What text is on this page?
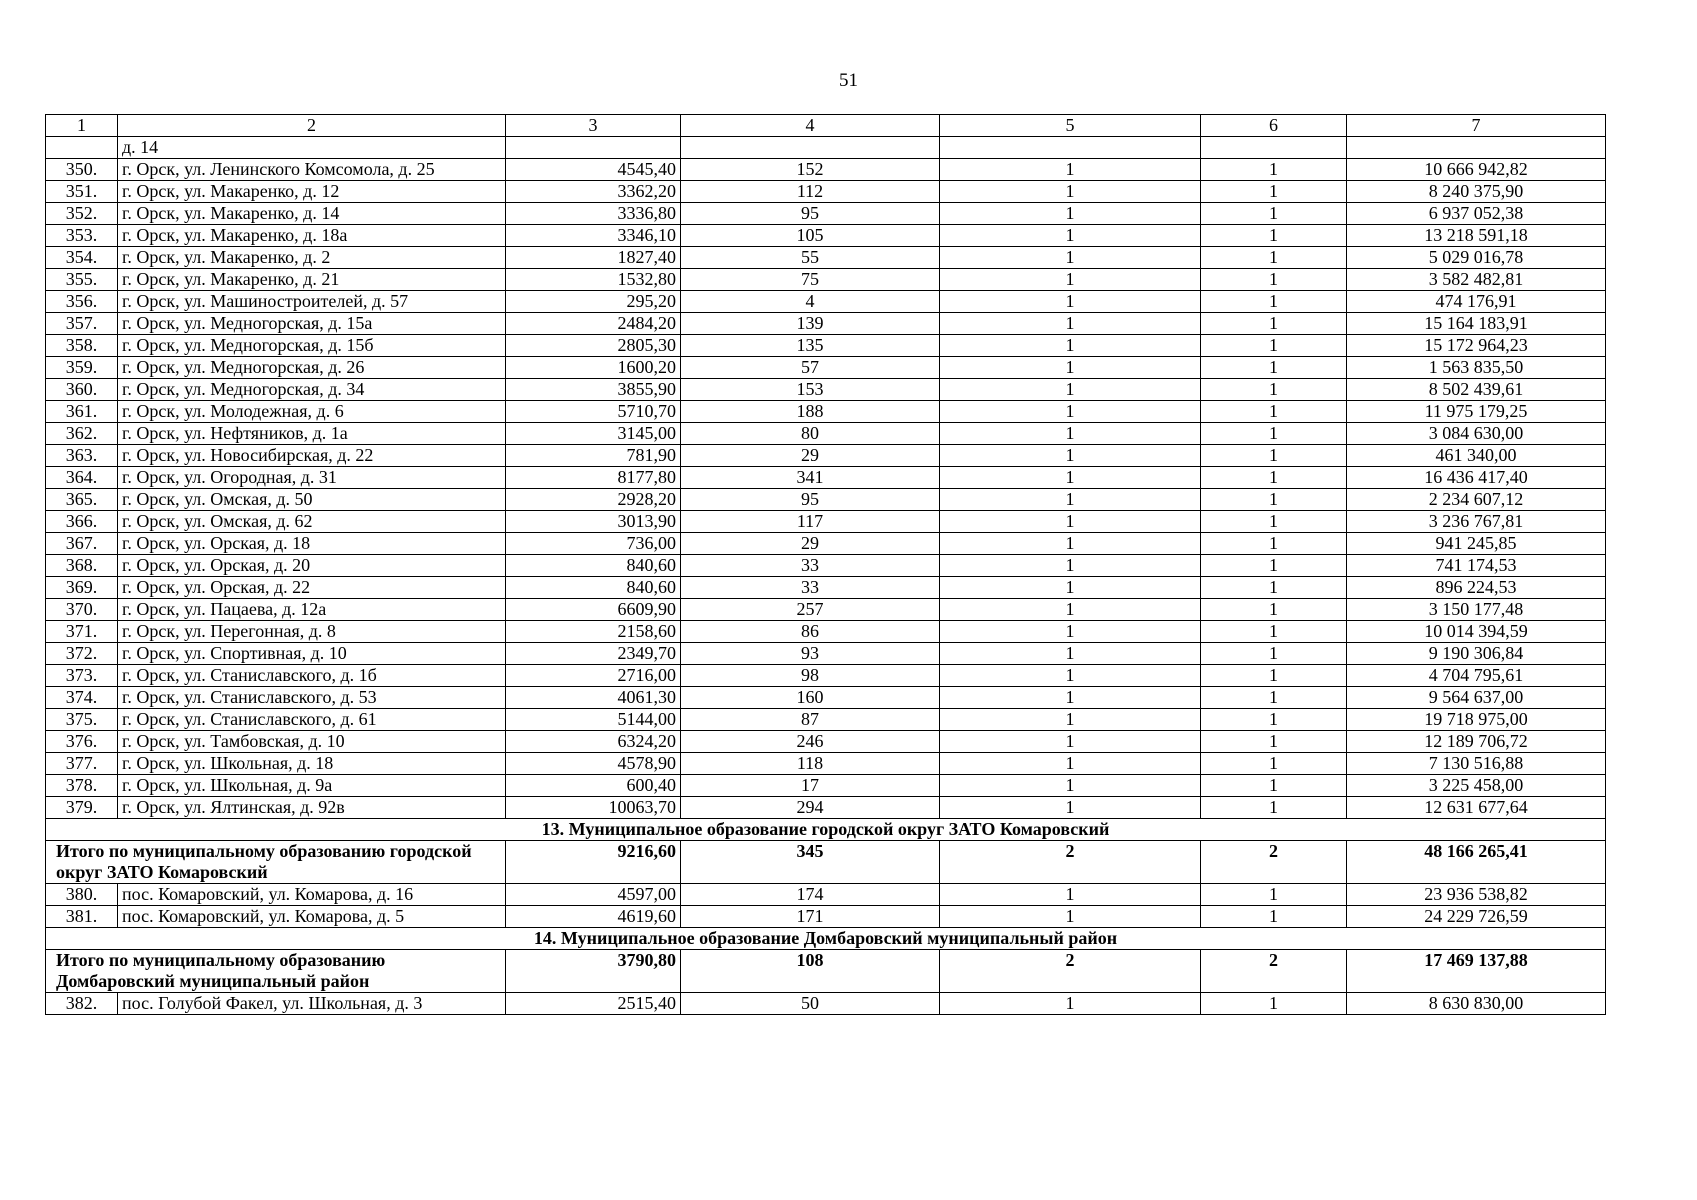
51
1	2	3	4	5	6	7
	д. 14					
350.	г. Орск, ул. Ленинского Комсомола, д. 25	4545,40	152	1	1	10 666 942,82
351.	г. Орск, ул. Макаренко, д. 12	3362,20	112	1	1	8 240 375,90
352.	г. Орск, ул. Макаренко, д. 14	3336,80	95	1	1	6 937 052,38
353.	г. Орск, ул. Макаренко, д. 18а	3346,10	105	1	1	13 218 591,18
354.	г. Орск, ул. Макаренко, д. 2	1827,40	55	1	1	5 029 016,78
355.	г. Орск, ул. Макаренко, д. 21	1532,80	75	1	1	3 582 482,81
356.	г. Орск, ул. Машиностроителей, д. 57	295,20	4	1	1	474 176,91
357.	г. Орск, ул. Медногорская, д. 15а	2484,20	139	1	1	15 164 183,91
358.	г. Орск, ул. Медногорская, д. 15б	2805,30	135	1	1	15 172 964,23
359.	г. Орск, ул. Медногорская, д. 26	1600,20	57	1	1	1 563 835,50
360.	г. Орск, ул. Медногорская, д. 34	3855,90	153	1	1	8 502 439,61
361.	г. Орск, ул. Молодежная, д. 6	5710,70	188	1	1	11 975 179,25
362.	г. Орск, ул. Нефтяников, д. 1а	3145,00	80	1	1	3 084 630,00
363.	г. Орск, ул. Новосибирская, д. 22	781,90	29	1	1	461 340,00
364.	г. Орск, ул. Огородная, д. 31	8177,80	341	1	1	16 436 417,40
365.	г. Орск, ул. Омская, д. 50	2928,20	95	1	1	2 234 607,12
366.	г. Орск, ул. Омская, д. 62	3013,90	117	1	1	3 236 767,81
367.	г. Орск, ул. Орская, д. 18	736,00	29	1	1	941 245,85
368.	г. Орск, ул. Орская, д. 20	840,60	33	1	1	741 174,53
369.	г. Орск, ул. Орская, д. 22	840,60	33	1	1	896 224,53
370.	г. Орск, ул. Пацаева, д. 12а	6609,90	257	1	1	3 150 177,48
371.	г. Орск, ул. Перегонная, д. 8	2158,60	86	1	1	10 014 394,59
372.	г. Орск, ул. Спортивная, д. 10	2349,70	93	1	1	9 190 306,84
373.	г. Орск, ул. Станиславского, д. 1б	2716,00	98	1	1	4 704 795,61
374.	г. Орск, ул. Станиславского, д. 53	4061,30	160	1	1	9 564 637,00
375.	г. Орск, ул. Станиславского, д. 61	5144,00	87	1	1	19 718 975,00
376.	г. Орск, ул. Тамбовская, д. 10	6324,20	246	1	1	12 189 706,72
377.	г. Орск, ул. Школьная, д. 18	4578,90	118	1	1	7 130 516,88
378.	г. Орск, ул. Школьная, д. 9а	600,40	17	1	1	3 225 458,00
379.	г. Орск, ул. Ялтинская, д. 92в	10063,70	294	1	1	12 631 677,64
13. Муниципальное образование городской округ ЗАТО Комаровский						
Итого по муниципальному образованию городской округ ЗАТО Комаровский		9216,60	345	2	2	48 166 265,41
380.	пос. Комаровский, ул. Комарова, д. 16	4597,00	174	1	1	23 936 538,82
381.	пос. Комаровский, ул. Комарова, д. 5	4619,60	171	1	1	24 229 726,59
14. Муниципальное образование Домбаровский муниципальный район						
Итого по муниципальному образованию Домбаровский муниципальный район		3790,80	108	2	2	17 469 137,88
382.	пос. Голубой Факел, ул. Школьная, д. 3	2515,40	50	1	1	8 630 830,00
